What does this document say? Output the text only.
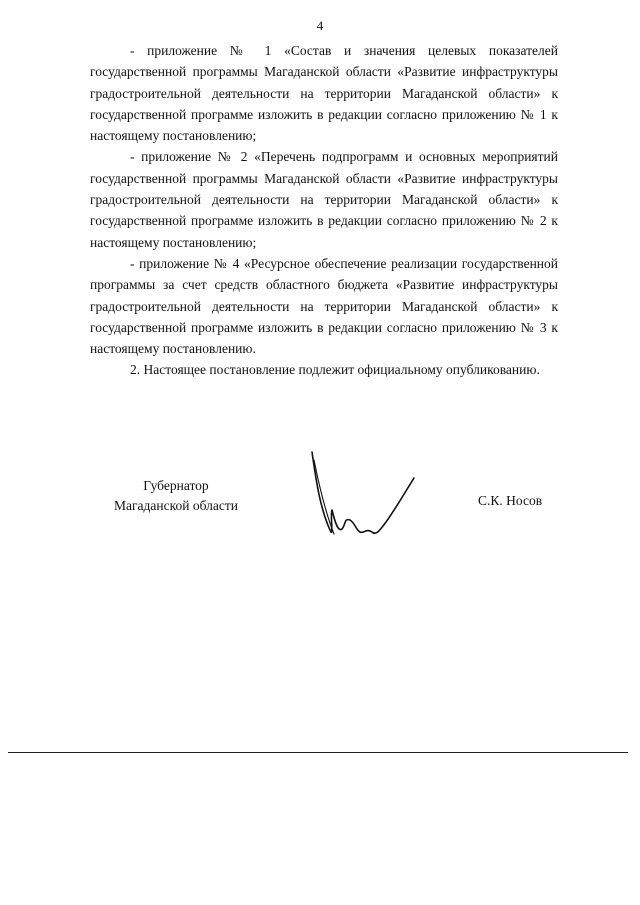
4

- приложение № 1 «Состав и значения целевых показателей государственной программы Магаданской области «Развитие инфраструктуры градостроительной деятельности на территории Магаданской области» к государственной программе изложить в редакции согласно приложению № 1 к настоящему постановлению;

- приложение № 2 «Перечень подпрограмм и основных мероприятий государственной программы Магаданской области «Развитие инфраструктуры градостроительной деятельности на территории Магаданской области» к государственной программе изложить в редакции согласно приложению № 2 к настоящему постановлению;

- приложение № 4 «Ресурсное обеспечение реализации государственной программы за счет средств областного бюджета «Развитие инфраструктуры градостроительной деятельности на территории Магаданской области» к государственной программе изложить в редакции согласно приложению № 3 к настоящему постановлению.

2. Настоящее постановление подлежит официальному опубликованию.

Губернатор
Магаданской области	С.К. Носов
